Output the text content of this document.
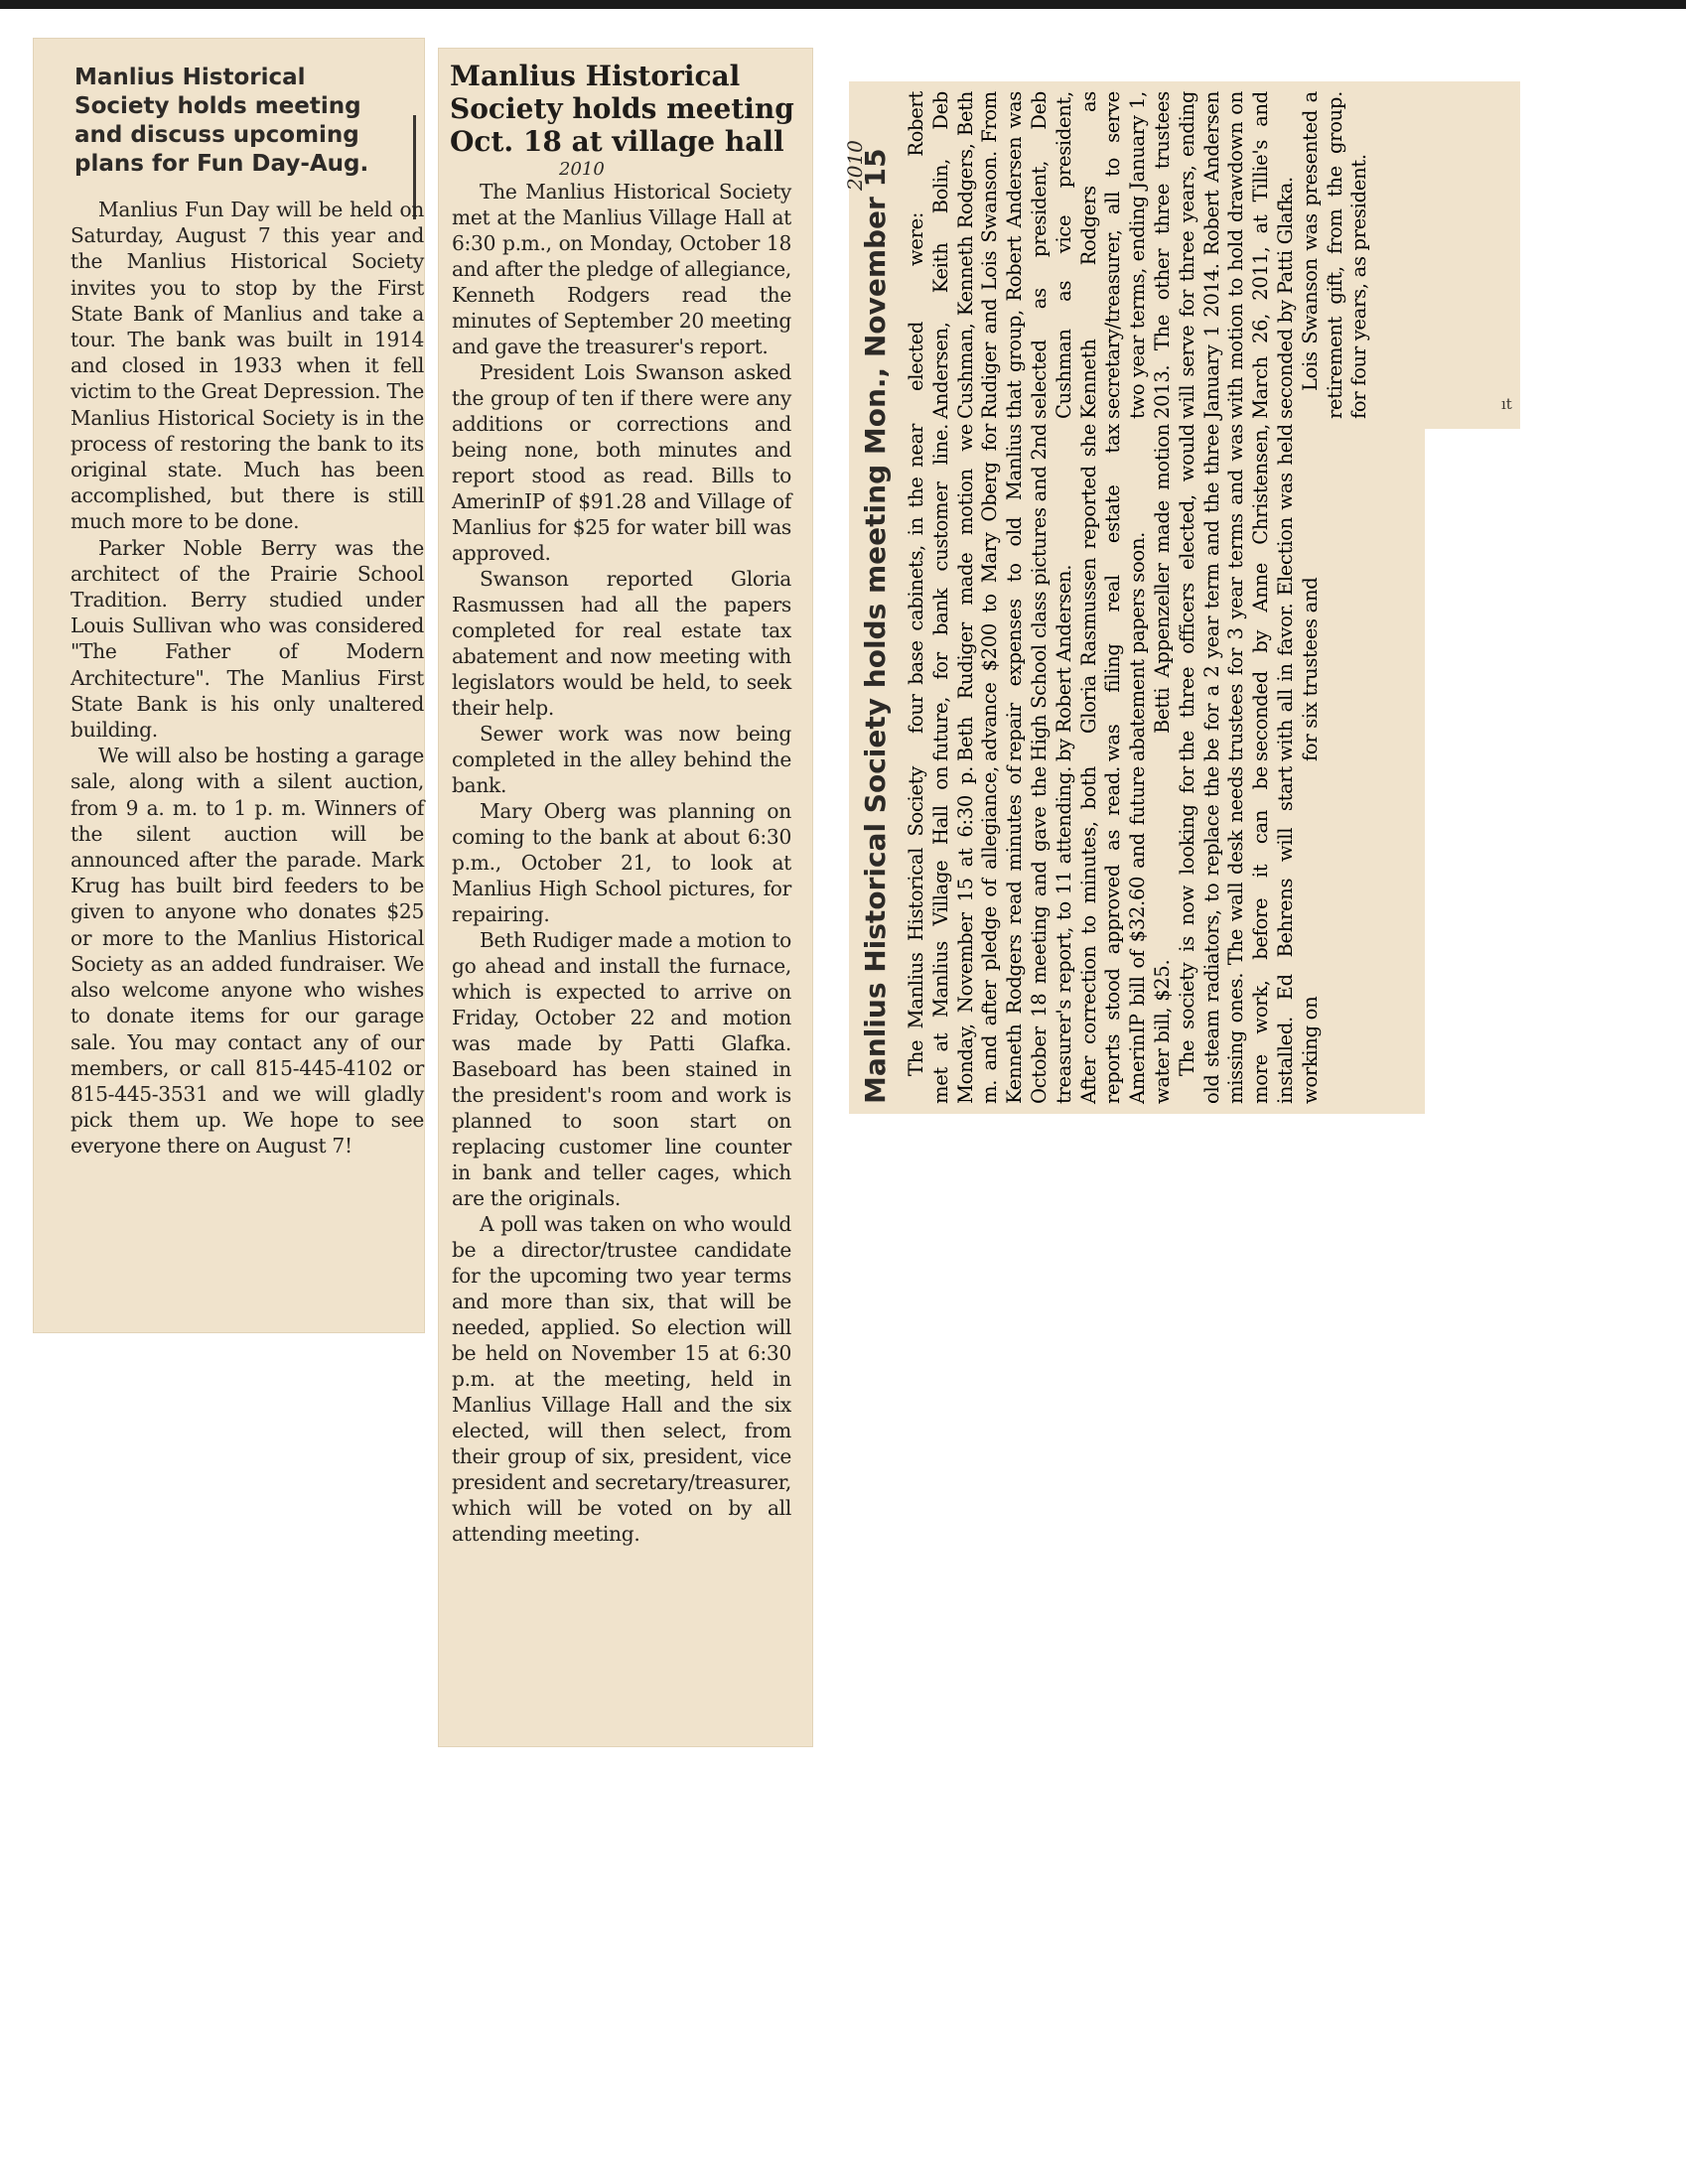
Manlius Historical Society holds meeting and discuss upcoming plans for Fun Day-Aug.

Manlius Fun Day will be held on Saturday, August 7 this year and the Manlius Historical Society invites you to stop by the First State Bank of Manlius and take a tour. The bank was built in 1914 and closed in 1933 when it fell victim to the Great Depression. The Manlius Historical Society is in the process of restoring the bank to its original state. Much has been accomplished, but there is still much more to be done.

Parker Noble Berry was the architect of the Prairie School Tradition. Berry studied under Louis Sullivan who was considered "The Father of Modern Architecture". The Manlius First State Bank is his only unaltered building.

We will also be hosting a garage sale, along with a silent auction, from 9 a. m. to 1 p. m. Winners of the silent auction will be announced after the parade. Mark Krug has built bird feeders to be given to anyone who donates $25 or more to the Manlius Historical Society as an added fundraiser. We also welcome anyone who wishes to donate items for our garage sale. You may contact any of our members, or call 815-445-4102 or 815-445-3531 and we will gladly pick them up. We hope to see everyone there on August 7!

Manlius Historical Society holds meeting Oct. 18 at village hall
2010

The Manlius Historical Society met at the Manlius Village Hall at 6:30 p.m., on Monday, October 18 and after the pledge of allegiance, Kenneth Rodgers read the minutes of September 20 meeting and gave the treasurer's report.

President Lois Swanson asked the group of ten if there were any additions or corrections and being none, both minutes and report stood as read. Bills to AmerinIP of $91.28 and Village of Manlius for $25 for water bill was approved.

Swanson reported Gloria Rasmussen had all the papers completed for real estate tax abatement and now meeting with legislators would be held, to seek their help.

Sewer work was now being completed in the alley behind the bank.

Mary Oberg was planning on coming to the bank at about 6:30 p.m., October 21, to look at Manlius High School pictures, for repairing.

Beth Rudiger made a motion to go ahead and install the furnace, which is expected to arrive on Friday, October 22 and motion was made by Patti Glafka. Baseboard has been stained in the president's room and work is planned to soon start on replacing customer line counter in bank and teller cages, which are the originals.

A poll was taken on who would be a director/trustee candidate for the upcoming two year terms and more than six, that will be needed, applied. So election will be held on November 15 at 6:30 p.m. at the meeting, held in Manlius Village Hall and the six elected, will then select, from their group of six, president, vice president and secretary/treasurer, which will be voted on by all attending meeting.

Manlius Historical Society holds meeting Mon., November 15
2010

The Manlius Historical Society met at Manlius Village Hall on Monday, November 15 at 6:30 p. m. and after pledge of allegiance, Kenneth Rodgers read minutes of October 18 meeting and gave the treasurer's report, to 11 attending. After correction to minutes, both reports stood approved as read. AmerinIP bill of $32.60 and future water bill, $25. The society is now looking for old steam radiators, to replace the missing ones. The wall desk needs more work, before it can be installed. Ed Behrens will start working on

four base cabinets, in the near future, for bank customer line. Beth Rudiger made motion we advance $200 to Mary Oberg for repair expenses to old Manlius High School class pictures and 2nd by Robert Andersen. Gloria Rasmussen reported she was filing real estate tax abatement papers soon. Betti Appenzeller made motion the three officers elected, would be for a 2 year term and the three trustees for 3 year terms and was seconded by Anne Christensen, with all in favor. Election was held for six trustees and

elected were: Robert Andersen, Keith Bolin, Deb Cushman, Kenneth Rodgers, Beth Rudiger and Lois Swanson. From that group, Robert Andersen was selected as president, Deb Cushman as vice president, Kenneth Rodgers as secretary/treasurer, all to serve two year terms, ending January 1, 2013. The other three trustees will serve for three years, ending January 1 2014. Robert Andersen with motion to hold drawdown on March 26, 2011, at Tillie's and seconded by Patti Glafka. Lois Swanson was presented a retirement gift, from the group. for four years, as president.	ıt
